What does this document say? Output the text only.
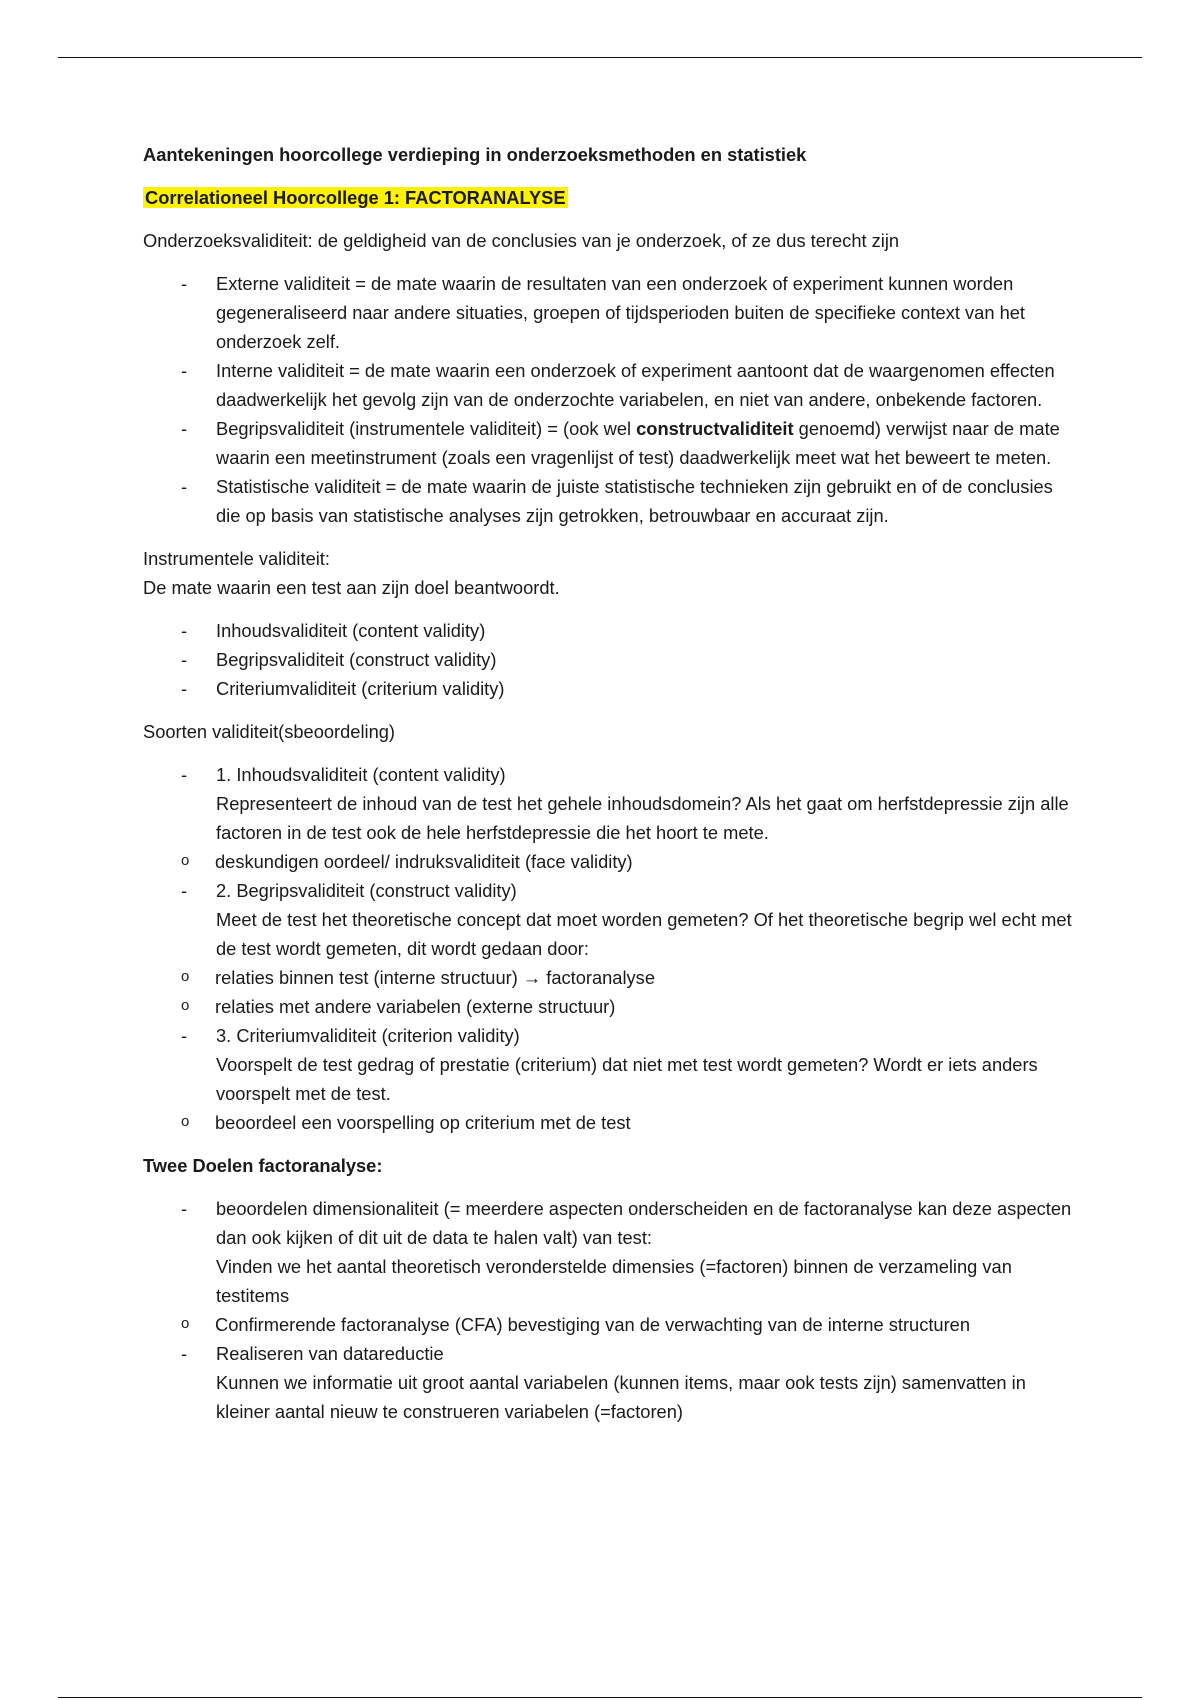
Aantekeningen hoorcollege verdieping in onderzoeksmethoden en statistiek

Correlationeel Hoorcollege 1: FACTORANALYSE

Onderzoeksvaliditeit: de geldigheid van de conclusies van je onderzoek, of ze dus terecht zijn

- Externe validiteit = de mate waarin de resultaten van een onderzoek of experiment kunnen worden gegeneraliseerd naar andere situaties, groepen of tijdsperioden buiten de specifieke context van het onderzoek zelf.
- Interne validiteit = de mate waarin een onderzoek of experiment aantoont dat de waargenomen effecten daadwerkelijk het gevolg zijn van de onderzochte variabelen, en niet van andere, onbekende factoren.
- Begripsvaliditeit (instrumentele validiteit) = (ook wel constructvaliditeit genoemd) verwijst naar de mate waarin een meetinstrument (zoals een vragenlijst of test) daadwerkelijk meet wat het beweert te meten.
- Statistische validiteit = de mate waarin de juiste statistische technieken zijn gebruikt en of de conclusies die op basis van statistische analyses zijn getrokken, betrouwbaar en accuraat zijn.

Instrumentele validiteit:

De mate waarin een test aan zijn doel beantwoordt.

- Inhoudsvaliditeit (content validity)
- Begripsvaliditeit (construct validity)
- Criteriumvaliditeit (criterium validity)

Soorten validiteit(sbeoordeling)

- 1. Inhoudsvaliditeit (content validity)
Representeert de inhoud van de test het gehele inhoudsdomein? Als het gaat om herfstdepressie zijn alle factoren in de test ook de hele herfstdepressie die het hoort te mete.
o deskundigen oordeel/ indruksvaliditeit (face validity)
- 2. Begripsvaliditeit (construct validity)
Meet de test het theoretische concept dat moet worden gemeten? Of het theoretische begrip wel echt met de test wordt gemeten, dit wordt gedaan door:
o relaties binnen test (interne structuur) → factoranalyse
o relaties met andere variabelen (externe structuur)
- 3. Criteriumvaliditeit (criterion validity)
Voorspelt de test gedrag of prestatie (criterium) dat niet met test wordt gemeten? Wordt er iets anders voorspelt met de test.
o beoordeel een voorspelling op criterium met de test

Twee Doelen factoranalyse:

- beoordelen dimensionaliteit (= meerdere aspecten onderscheiden en de factoranalyse kan deze aspecten dan ook kijken of dit uit de data te halen valt) van test:
Vinden we het aantal theoretisch veronderstelde dimensies (=factoren) binnen de verzameling van testitems
o Confirmerende factoranalyse (CFA) bevestiging van de verwachting van de interne structuren
- Realiseren van datareductie
Kunnen we informatie uit groot aantal variabelen (kunnen items, maar ook tests zijn) samenvatten in kleiner aantal nieuw te construeren variabelen (=factoren)
